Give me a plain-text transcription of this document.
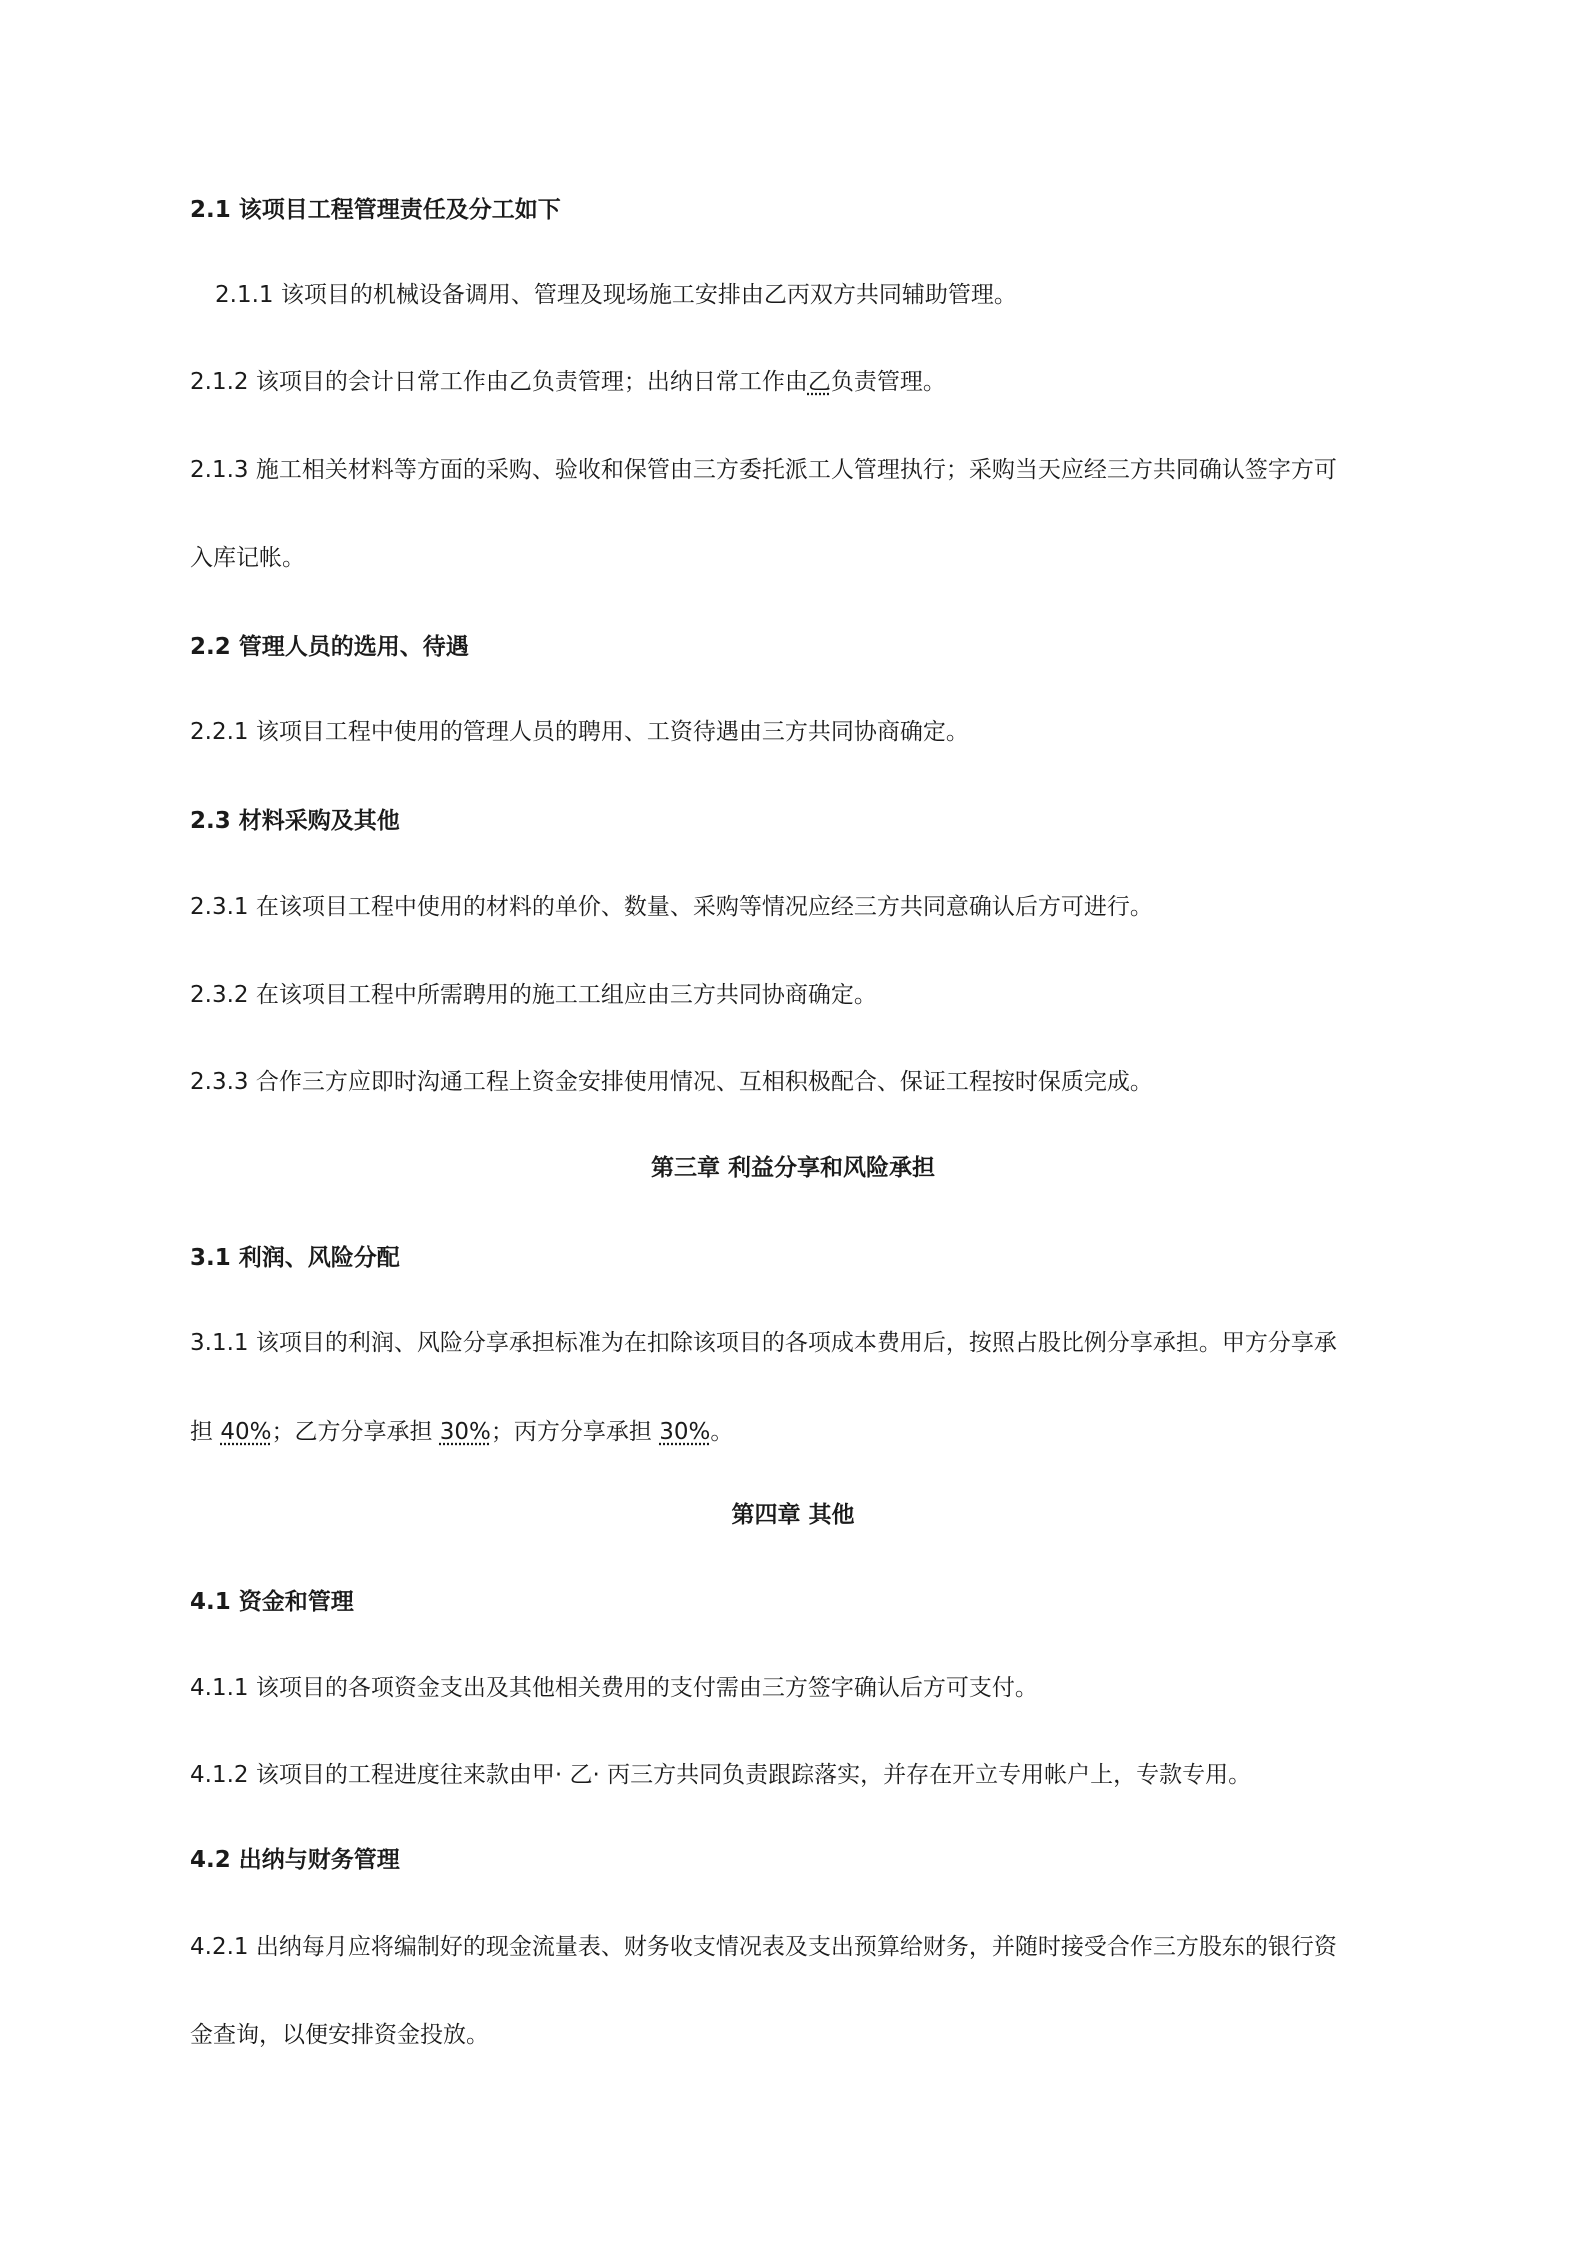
2.1 该项目工程管理责任及分工如下
2.1.1 该项目的机械设备调用、管理及现场施工安排由乙丙双方共同辅助管理。
2.1.2 该项目的会计日常工作由乙负责管理；出纳日常工作由乙负责管理。
2.1.3 施工相关材料等方面的采购、验收和保管由三方委托派工人管理执行；采购当天应经三方共同确认签字方可
入库记帐。
2.2 管理人员的选用、待遇
2.2.1 该项目工程中使用的管理人员的聘用、工资待遇由三方共同协商确定。
2.3 材料采购及其他
2.3.1 在该项目工程中使用的材料的单价、数量、采购等情况应经三方共同意确认后方可进行。
2.3.2 在该项目工程中所需聘用的施工工组应由三方共同协商确定。
2.3.3 合作三方应即时沟通工程上资金安排使用情况、互相积极配合、保证工程按时保质完成。
第三章 利益分享和风险承担
3.1 利润、风险分配
3.1.1 该项目的利润、风险分享承担标准为在扣除该项目的各项成本费用后，按照占股比例分享承担。甲方分享承
担 40%；乙方分享承担 30%；丙方分享承担 30%。
第四章 其他
4.1 资金和管理
4.1.1 该项目的各项资金支出及其他相关费用的支付需由三方签字确认后方可支付。
4.1.2 该项目的工程进度往来款由甲· 乙· 丙三方共同负责跟踪落实，并存在开立专用帐户上，专款专用。
4.2 出纳与财务管理
4.2.1 出纳每月应将编制好的现金流量表、财务收支情况表及支出预算给财务，并随时接受合作三方股东的银行资
金查询，以便安排资金投放。
